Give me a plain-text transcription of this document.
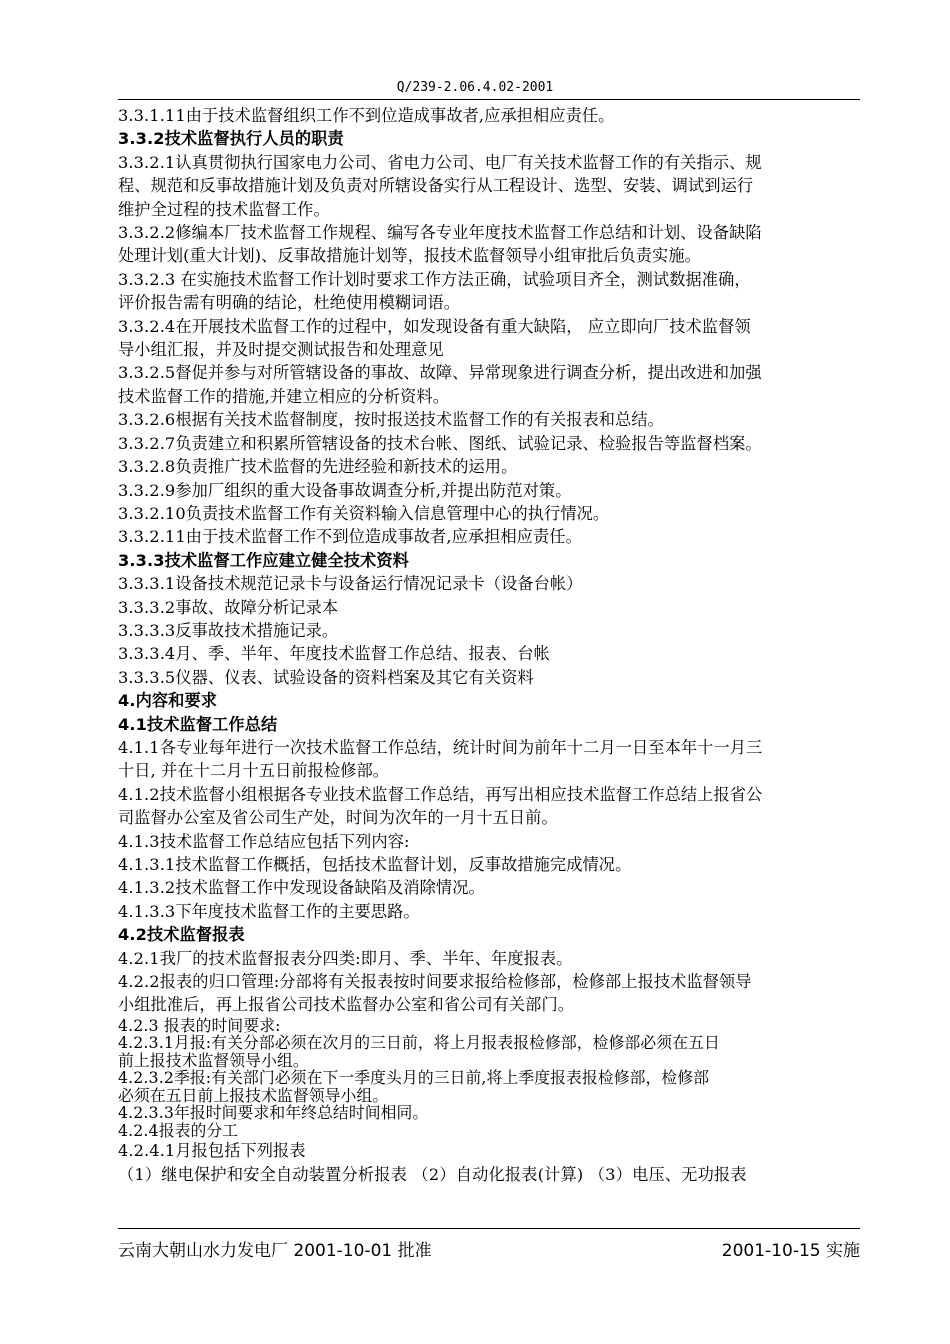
Q/239-2.06.4.02-2001
3.3.1.11由于技术监督组织工作不到位造成事故者,应承担相应责任。
3.3.2技术监督执行人员的职责
3.3.2.1认真贯彻执行国家电力公司、省电力公司、电厂有关技术监督工作的有关指示、规
程、规范和反事故措施计划及负责对所辖设备实行从工程设计、选型、安装、调试到运行
维护全过程的技术监督工作。
3.3.2.2修编本厂技术监督工作规程、编写各专业年度技术监督工作总结和计划、设备缺陷
处理计划(重大计划)、反事故措施计划等，报技术监督领导小组审批后负责实施。
3.3.2.3 在实施技术监督工作计划时要求工作方法正确，试验项目齐全，测试数据准确，
评价报告需有明确的结论，杜绝使用模糊词语。
3.3.2.4在开展技术监督工作的过程中，如发现设备有重大缺陷， 应立即向厂技术监督领
导小组汇报，并及时提交测试报告和处理意见
3.3.2.5督促并参与对所管辖设备的事故、故障、异常现象进行调查分析，提出改进和加强
技术监督工作的措施,并建立相应的分析资料。
3.3.2.6根据有关技术监督制度，按时报送技术监督工作的有关报表和总结。
3.3.2.7负责建立和积累所管辖设备的技术台帐、图纸、试验记录、检验报告等监督档案。
3.3.2.8负责推广技术监督的先进经验和新技术的运用。
3.3.2.9参加厂组织的重大设备事故调查分析,并提出防范对策。
3.3.2.10负责技术监督工作有关资料输入信息管理中心的执行情况。
3.3.2.11由于技术监督工作不到位造成事故者,应承担相应责任。
3.3.3技术监督工作应建立健全技术资料
3.3.3.1设备技术规范记录卡与设备运行情况记录卡（设备台帐）
3.3.3.2事故、故障分析记录本
3.3.3.3反事故技术措施记录。
3.3.3.4月、季、半年、年度技术监督工作总结、报表、台帐
3.3.3.5仪器、仪表、试验设备的资料档案及其它有关资料
4.内容和要求
4.1技术监督工作总结
4.1.1各专业每年进行一次技术监督工作总结，统计时间为前年十二月一日至本年十一月三
十日, 并在十二月十五日前报检修部。
4.1.2技术监督小组根据各专业技术监督工作总结，再写出相应技术监督工作总结上报省公
司监督办公室及省公司生产处，时间为次年的一月十五日前。
4.1.3技术监督工作总结应包括下列内容:
4.1.3.1技术监督工作概括，包括技术监督计划，反事故措施完成情况。
4.1.3.2技术监督工作中发现设备缺陷及消除情况。
4.1.3.3下年度技术监督工作的主要思路。
4.2技术监督报表
4.2.1我厂的技术监督报表分四类:即月、季、半年、年度报表。
4.2.2报表的归口管理:分部将有关报表按时间要求报给检修部，检修部上报技术监督领导
小组批准后，再上报省公司技术监督办公室和省公司有关部门。
4.2.3 报表的时间要求:
4.2.3.1月报:有关分部必须在次月的三日前，将上月报表报检修部，检修部必须在五日
前上报技术监督领导小组。
4.2.3.2季报:有关部门必须在下一季度头月的三日前,将上季度报表报检修部，检修部
必须在五日前上报技术监督领导小组。
4.2.3.3年报时间要求和年终总结时间相同。
4.2.4报表的分工
4.2.4.1月报包括下列报表
（1）继电保护和安全自动装置分析报表 （2）自动化报表(计算) （3）电压、无功报表
云南大朝山水力发电厂 2001-10-01 批准	2001-10-15 实施
